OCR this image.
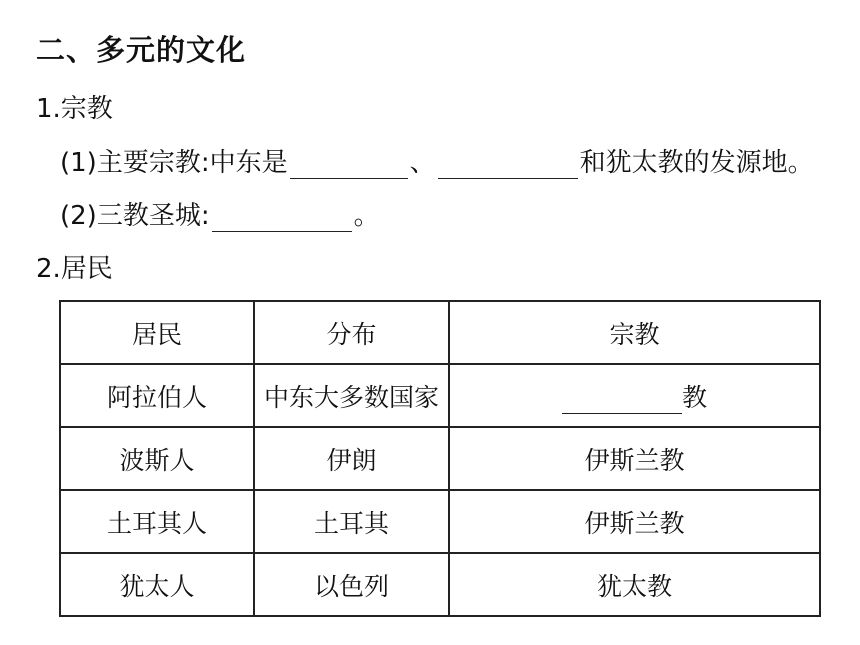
二、多元的文化
1.宗教
(1)主要宗教:中东是	、	和犹太教的发源地。
(2)三教圣城:	。
2.居民
居民	分布	宗教
阿拉伯人	中东大多数国家	教
波斯人	伊朗	伊斯兰教
土耳其人	土耳其	伊斯兰教
犹太人	以色列	犹太教
